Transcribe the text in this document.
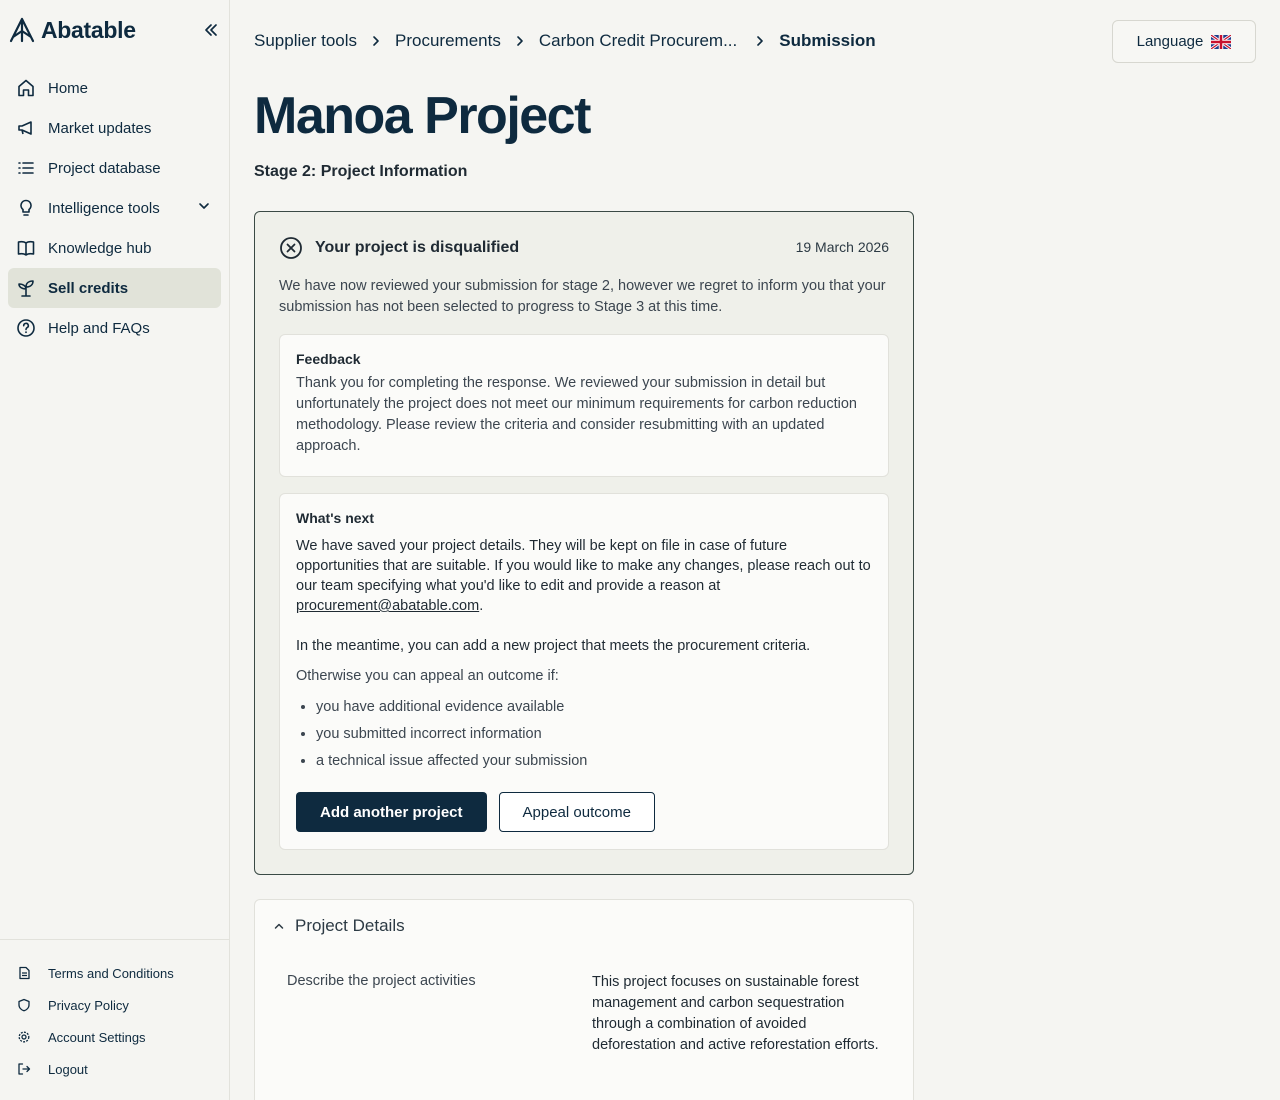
Abatable
Home
Market updates
Project database
Intelligence tools
Knowledge hub
Sell credits
Help and FAQs
Terms and Conditions
Privacy Policy
Account Settings
Logout
Supplier tools Procurements Carbon Credit Procurem... Submission	Language
Manoa Project
Stage 2: Project Information
Your project is disqualified	19 March 2026

We have now reviewed your submission for stage 2, however we regret to inform you that your submission has not been selected to progress to Stage 3 at this time.

Feedback

Thank you for completing the response. We reviewed your submission in detail but unfortunately the project does not meet our minimum requirements for carbon reduction methodology. Please review the criteria and consider resubmitting with an updated approach.

What's next

We have saved your project details. They will be kept on file in case of future opportunities that are suitable. If you would like to make any changes, please reach out to our team specifying what you'd like to edit and provide a reason at procurement@abatable.com.

In the meantime, you can add a new project that meets the procurement criteria.

Otherwise you can appeal an outcome if:

• you have additional evidence available
• you submitted incorrect information
• a technical issue affected your submission
Add another project	Appeal outcome
Project Details
Describe the project activities	This project focuses on sustainable forest management and carbon sequestration through a combination of avoided deforestation and active reforestation efforts.
